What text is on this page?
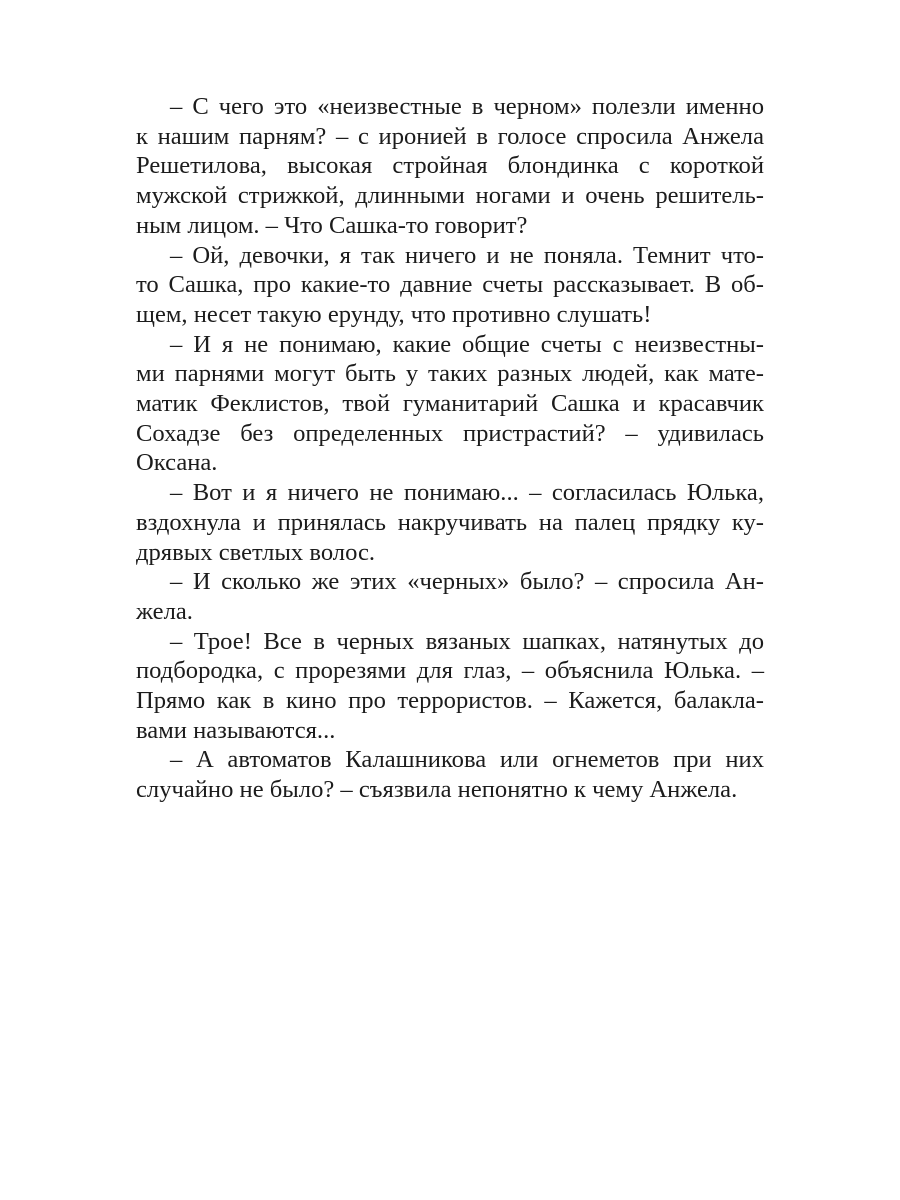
– С чего это «неизвестные в черном» полезли именно
к нашим парням? – с иронией в голосе спросила Анжела
Решетилова, высокая стройная блондинка с короткой
мужской стрижкой, длинными ногами и очень решитель-
ным лицом. – Что Сашка-то говорит?

– Ой, девочки, я так ничего и не поняла. Темнит что-
то Сашка, про какие-то давние счеты рассказывает. В об-
щем, несет такую ерунду, что противно слушать!

– И я не понимаю, какие общие счеты с неизвестны-
ми парнями могут быть у таких разных людей, как мате-
матик Феклистов, твой гуманитарий Сашка и красавчик
Сохадзе без определенных пристрастий? – удивилась
Оксана.

– Вот и я ничего не понимаю... – согласилась Юлька,
вздохнула и принялась накручивать на палец прядку ку-
дрявых светлых волос.

– И сколько же этих «черных» было? – спросила Ан-
жела.

– Трое! Все в черных вязаных шапках, натянутых до
подбородка, с прорезями для глаз, – объяснила Юлька. –
Прямо как в кино про террористов. – Кажется, балаклa-
вами называются...

– А автоматов Калашникова или огнеметов при них
случайно не было? – съязвила непонятно к чему Анжела.
